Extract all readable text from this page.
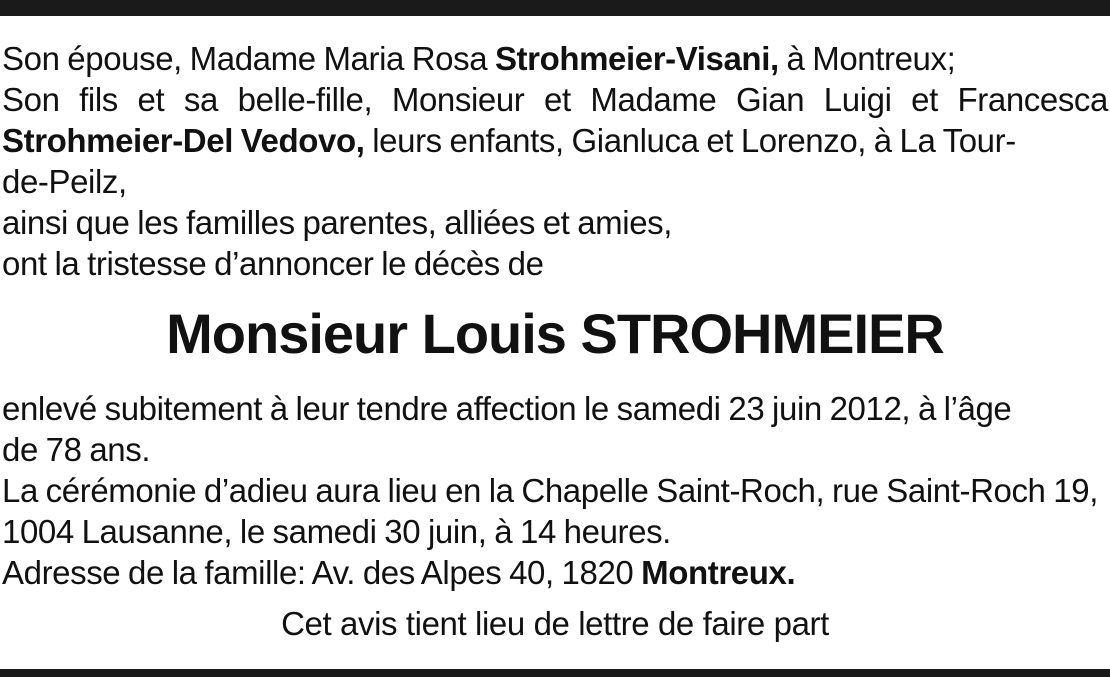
Son épouse, Madame Maria Rosa Strohmeier-Visani, à Montreux;
Son fils et sa belle-fille, Monsieur et Madame Gian Luigi et Francesca
Strohmeier-Del Vedovo, leurs enfants, Gianluca et Lorenzo, à La Tour-
de-Peilz,
ainsi que les familles parentes, alliées et amies,
ont la tristesse d’annoncer le décès de
Monsieur Louis STROHMEIER
enlevé subitement à leur tendre affection le samedi 23 juin 2012, à l’âge
de 78 ans.
La cérémonie d’adieu aura lieu en la Chapelle Saint-Roch, rue Saint-Roch 19,
1004 Lausanne, le samedi 30 juin, à 14 heures.
Adresse de la famille: Av. des Alpes 40, 1820 Montreux.
Cet avis tient lieu de lettre de faire part
